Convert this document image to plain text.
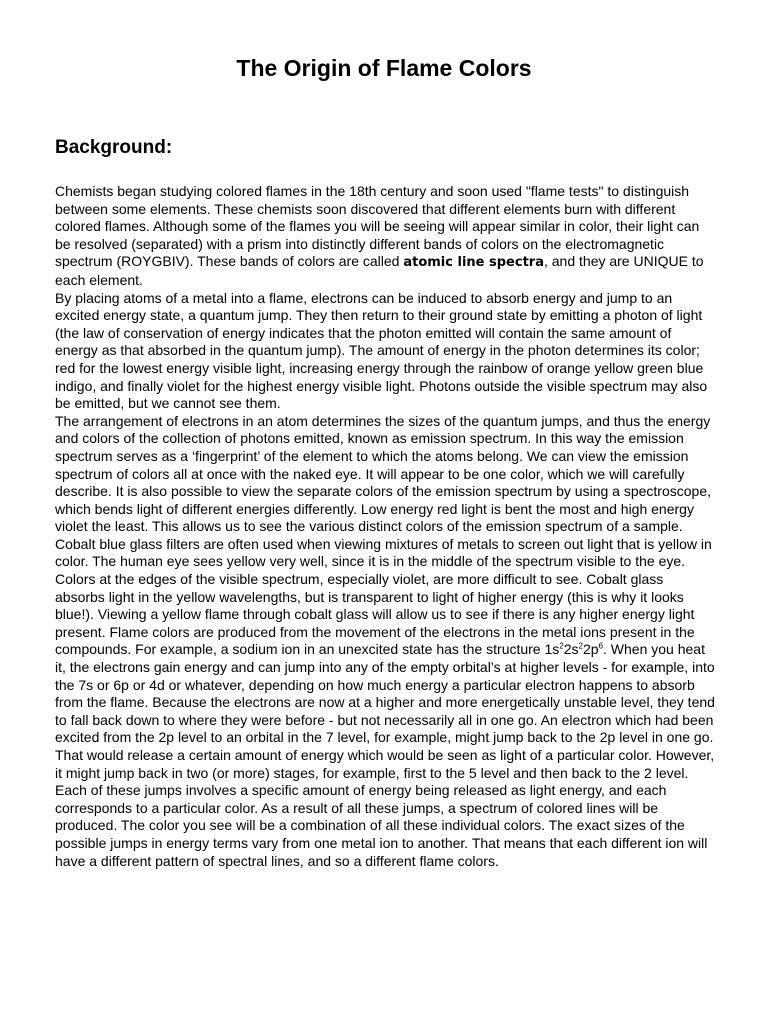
The Origin of Flame Colors
Background:

Chemists began studying colored flames in the 18th century and soon used "flame tests" to distinguish between some elements. These chemists soon discovered that different elements burn with different colored flames. Although some of the flames you will be seeing will appear similar in color, their light can be resolved (separated) with a prism into distinctly different bands of colors on the electromagnetic spectrum (ROYGBIV). These bands of colors are called atomic line spectra, and they are UNIQUE to each element.

By placing atoms of a metal into a flame, electrons can be induced to absorb energy and jump to an excited energy state, a quantum jump. They then return to their ground state by emitting a photon of light (the law of conservation of energy indicates that the photon emitted will contain the same amount of energy as that absorbed in the quantum jump). The amount of energy in the photon determines its color; red for the lowest energy visible light, increasing energy through the rainbow of orange yellow green blue indigo, and finally violet for the highest energy visible light. Photons outside the visible spectrum may also be emitted, but we cannot see them.

The arrangement of electrons in an atom determines the sizes of the quantum jumps, and thus the energy and colors of the collection of photons emitted, known as emission spectrum. In this way the emission spectrum serves as a ‘fingerprint’ of the element to which the atoms belong. We can view the emission spectrum of colors all at once with the naked eye. It will appear to be one color, which we will carefully describe. It is also possible to view the separate colors of the emission spectrum by using a spectroscope, which bends light of different energies differently. Low energy red light is bent the most and high energy violet the least. This allows us to see the various distinct colors of the emission spectrum of a sample.

Cobalt blue glass filters are often used when viewing mixtures of metals to screen out light that is yellow in color. The human eye sees yellow very well, since it is in the middle of the spectrum visible to the eye. Colors at the edges of the visible spectrum, especially violet, are more difficult to see. Cobalt glass absorbs light in the yellow wavelengths, but is transparent to light of higher energy (this is why it looks blue!). Viewing a yellow flame through cobalt glass will allow us to see if there is any higher energy light present. Flame colors are produced from the movement of the electrons in the metal ions present in the compounds. For example, a sodium ion in an unexcited state has the structure $1s^22s^22p^6$. When you heat it, the electrons gain energy and can jump into any of the empty orbital’s at higher levels - for example, into the 7s or 6p or 4d or whatever, depending on how much energy a particular electron happens to absorb from the flame. Because the electrons are now at a higher and more energetically unstable level, they tend to fall back down to where they were before - but not necessarily all in one go. An electron which had been excited from the 2p level to an orbital in the 7 level, for example, might jump back to the 2p level in one go. That would release a certain amount of energy which would be seen as light of a particular color. However, it might jump back in two (or more) stages, for example, first to the 5 level and then back to the 2 level. Each of these jumps involves a specific amount of energy being released as light energy, and each corresponds to a particular color. As a result of all these jumps, a spectrum of colored lines will be produced. The color you see will be a combination of all these individual colors. The exact sizes of the possible jumps in energy terms vary from one metal ion to another. That means that each different ion will have a different pattern of spectral lines, and so a different flame colors.
